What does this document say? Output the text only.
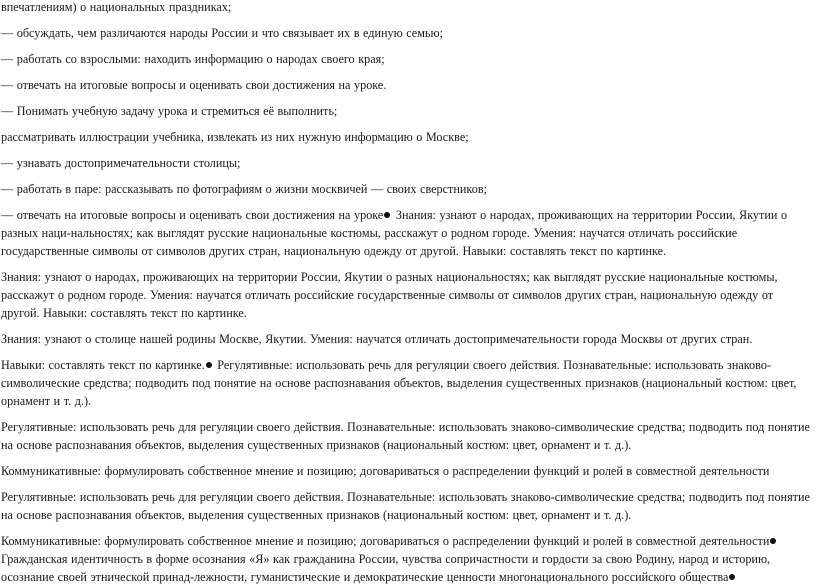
впечатлениям) о национальных праздниках;

— обсуждать, чем различаются народы России и что связывает их в единую семью;

— работать со взрослыми: находить информацию о народах своего края;

— отвечать на итоговые вопросы и оценивать свои достижения на уроке.

— Понимать учебную задачу урока и стремиться её выполнить;

рассматривать иллюстрации учебника, извлекать из них нужную информацию о Москве;

— узнавать достопримечательности столицы;

— работать в паре: рассказывать по фотографиям о жизни москвичей — своих сверстников;

— отвечать на итоговые вопросы и оценивать свои достижения на уроке Знания: узнают о народах, проживающих на территории России, Якутии о разных наци-нальностях; как выглядят русские национальные костюмы, расскажут о родном городе. Умения: научатся отличать российские государственные символы от символов других стран, национальную одежду от другой. Навыки: составлять текст по картинке.

Знания: узнают о народах, проживающих на территории России, Якутии о разных национальностях; как выглядят русские национальные костюмы, расскажут о родном городе. Умения: научатся отличать российские государственные символы от символов других стран, национальную одежду от другой. Навыки: составлять текст по картинке.

Знания: узнают о столице нашей родины Москве, Якутии. Умения: научатся отличать достопримечательности города Москвы от других стран.

Навыки: составлять текст по картинке. Регулятивные: использовать речь для регуляции своего действия. Познавательные: использовать знаково-символические средства; подводить под понятие на основе распознавания объектов, выделения существенных признаков (национальный костюм: цвет, орнамент и т. д.).

Регулятивные: использовать речь для регуляции своего действия. Познавательные: использовать знаково-символические средства; подводить под понятие на основе распознавания объектов, выделения существенных признаков (национальный костюм: цвет, орнамент и т. д.).

Коммуникативные: формулировать собственное мнение и позицию; договариваться о распределении функций и ролей в совместной деятельности

Регулятивные: использовать речь для регуляции своего действия. Познавательные: использовать знаково-символические средства; подводить под понятие на основе распознавания объектов, выделения существенных признаков (национальный костюм: цвет, орнамент и т. д.).

Коммуникативные: формулировать собственное мнение и позицию; договариваться о распределении функций и ролей в совместной деятельности Гражданская идентичность в форме осознания «Я» как гражданина России, чувства сопричастности и гордости за свою Родину, народ и историю, осознание своей этнической принад-лежности, гуманистические и демократические ценности многонационального российского общества
